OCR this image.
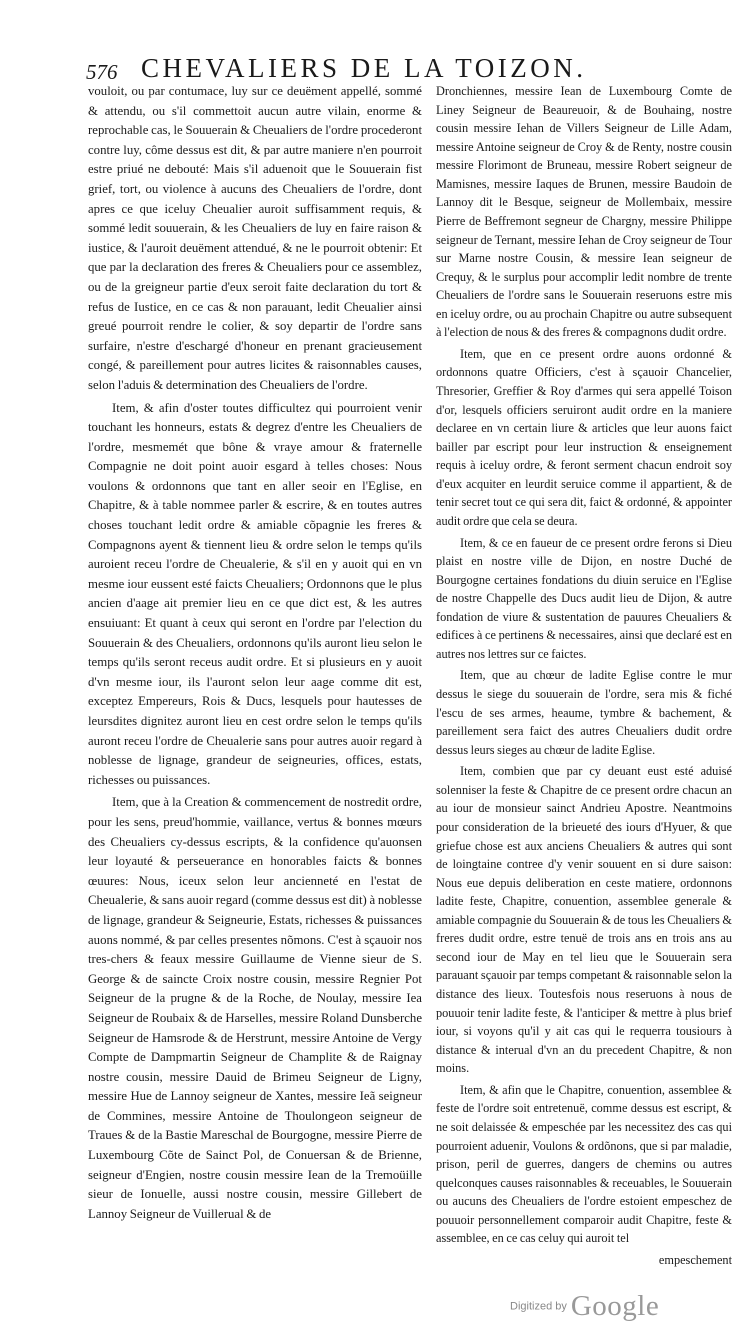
576 CHEVALIERS DE LA TOIZON.

vouloit, ou par contumace, luy sur ce deuëment appellé, sommé & attendu, ou s'il commettoit aucun autre vilain, enorme & reprochable cas, le Souuerain & Cheualiers de l'ordre procederont contre luy, côme dessus est dit, & par autre maniere n'en pourroit estre priué ne debouté: Mais s'il aduenoit que le Souuerain fist grief, tort, ou violence à aucuns des Cheualiers de l'ordre, dont apres ce que iceluy Cheualier auroit suffisamment requis, & sommé ledit souuerain, & les Cheualiers de luy en faire raison & iustice, & l'auroit deuëment attendué, & ne le pourroit obtenir: Et que par la declaration des freres & Cheualiers pour ce assemblez, ou de la greigneur partie d'eux seroit faite declaration du tort & refus de Iustice, en ce cas & non parauant, ledit Cheualier ainsi greué pourroit rendre le colier, & soy departir de l'ordre sans surfaire, n'estre d'eschargé d'honeur en prenant gracieusement congé, & pareillement pour autres licites & raisonnables causes, selon l'aduis & determination des Cheualiers de l'ordre.

Item, & afin d'oster toutes difficultez qui pourroient venir touchant les honneurs, estats & degrez d'entre les Cheualiers de l'ordre, mesmemét que bône & vraye amour & fraternelle Compagnie ne doit point auoir esgard à telles choses: Nous voulons & ordonnons que tant en aller seoir en l'Eglise, en Chapitre, & à table nommee parler & escrire, & en toutes autres choses touchant ledit ordre & amiable cõpagnie les freres & Compagnons ayent & tiennent lieu & ordre selon le temps qu'ils auroient receu l'ordre de Cheualerie, & s'il en y auoit qui en vn mesme iour eussent esté faicts Cheualiers; Ordonnons que le plus ancien d'aage ait premier lieu en ce que dict est, & les autres ensuiuant: Et quant à ceux qui seront en l'ordre par l'election du Souuerain & des Cheualiers, ordonnons qu'ils auront lieu selon le temps qu'ils seront receus audit ordre. Et si plusieurs en y auoit d'vn mesme iour, ils l'auront selon leur aage comme dit est, exceptez Empereurs, Rois & Ducs, lesquels pour hautesses de leursdites dignitez auront lieu en cest ordre selon le temps qu'ils auront receu l'ordre de Cheualerie sans pour autres auoir regard à noblesse de lignage, grandeur de seigneuries, offices, estats, richesses ou puissances.

Item, que à la Creation & commencement de nostredit ordre, pour les sens, preud'hommie, vaillance, vertus & bonnes mœurs des Cheualiers cy-dessus escripts, & la confidence qu'auonsen leur loyauté & perseuerance en honorables faicts & bonnes œuures: Nous, iceux selon leur ancienneté en l'estat de Cheualerie, & sans auoir regard (comme dessus est dit) à noblesse de lignage, grandeur & Seigneurie, Estats, richesses & puissances auons nommé, & par celles presentes nõmons. C'est à sçauoir nos tres-chers & feaux messire Guillaume de Vienne sieur de S. George & de saincte Croix nostre cousin, messire Regnier Pot Seigneur de la prugne & de la Roche, de Noulay, messire Iea Seigneur de Roubaix & de Harselles, messire Roland Dunsberche Seigneur de Hamsrode & de Herstrunt, messire Antoine de Vergy Compte de Dampmartin Seigneur de Champlite & de Raignay nostre cousin, messire Dauid de Brimeu Seigneur de Ligny, messire Hue de Lannoy seigneur de Xantes, messire Ieã seigneur de Commines, messire Antoine de Thoulongeon seigneur de Traues & de la Bastie Mareschal de Bourgogne, messire Pierre de Luxembourg Cõte de Sainct Pol, de Conuersan & de Brienne, seigneur d'Engien, nostre cousin messire Iean de la Tremoüille sieur de Ionuelle, aussi nostre cousin, messire Gillebert de Lannoy Seigneur de Vuillerual & de

Dronchiennes, messire Iean de Luxembourg Comte de Liney Seigneur de Beaureuoir, & de Bouhaing, nostre cousin messire Iehan de Villers Seigneur de Lille Adam, messire Antoine seigneur de Croy & de Renty, nostre cousin messire Florimont de Bruneau, messire Robert seigneur de Mamisnes, messire Iaques de Brunen, messire Baudoin de Lannoy dit le Besque, seigneur de Mollembaix, messire Pierre de Beffremont segneur de Chargny, messire Philippe seigneur de Ternant, messire Iehan de Croy seigneur de Tour sur Marne nostre Cousin, & messire Iean seigneur de Crequy, & le surplus pour accomplir ledit nombre de trente Cheualiers de l'ordre sans le Souuerain reseruons estre mis en iceluy ordre, ou au prochain Chapitre ou autre subsequent à l'election de nous & des freres & compagnons dudit ordre.

Item, que en ce present ordre auons ordonné & ordonnons quatre Officiers, c'est à sçauoir Chancelier, Thresorier, Greffier & Roy d'armes qui sera appellé Toison d'or, lesquels officiers seruiront audit ordre en la maniere declaree en vn certain liure & articles que leur auons faict bailler par escript pour leur instruction & enseignement requis à iceluy ordre, & feront serment chacun endroit soy d'eux acquiter en leurdit seruice comme il appartient, & de tenir secret tout ce qui sera dit, faict & ordonné, & appointer audit ordre que cela se deura.

Item, & ce en faueur de ce present ordre ferons si Dieu plaist en nostre ville de Dijon, en nostre Duché de Bourgogne certaines fondations du diuin seruice en l'Eglise de nostre Chappelle des Ducs audit lieu de Dijon, & autre fondation de viure & sustentation de pauures Cheualiers & edifices à ce pertinens & necessaires, ainsi que declaré est en autres nos lettres sur ce faictes.

Item, que au chœur de ladite Eglise contre le mur dessus le siege du souuerain de l'ordre, sera mis & fiché l'escu de ses armes, heaume, tymbre & bachement, & pareillement sera faict des autres Cheualiers dudit ordre dessus leurs sieges au chœur de ladite Eglise.

Item, combien que par cy deuant eust esté aduisé solenniser la feste & Chapitre de ce present ordre chacun an au iour de monsieur sainct Andrieu Apostre. Neantmoins pour consideration de la brieueté des iours d'Hyuer, & que griefue chose est aux anciens Cheualiers & autres qui sont de loingtaine contree d'y venir souuent en si dure saison: Nous eue depuis deliberation en ceste matiere, ordonnons ladite feste, Chapitre, conuention, assemblee generale & amiable compagnie du Souuerain & de tous les Cheualiers & freres dudit ordre, estre tenuë de trois ans en trois ans au second iour de May en tel lieu que le Souuerain sera parauant sçauoir par temps competant & raisonnable selon la distance des lieux. Toutesfois nous reseruons à nous de pouuoir tenir ladite feste, & l'anticiper & mettre à plus brief iour, si voyons qu'il y ait cas qui le requerra tousiours à distance & interual d'vn an du precedent Chapitre, & non moins.

Item, & afin que le Chapitre, conuention, assemblee & feste de l'ordre soit entretenuë, comme dessus est escript, & ne soit delaissée & empeschée par les necessitez des cas qui pourroient aduenir, Voulons & ordõnons, que si par maladie, prison, peril de guerres, dangers de chemins ou autres quelconques causes raisonnables & receuables, le Souuerain ou aucuns des Cheualiers de l'ordre estoient empeschez de pouuoir personnellement comparoir audit Chapitre, feste & assemblee, en ce cas celuy qui auroit tel

empeschement

Digitized by Google
